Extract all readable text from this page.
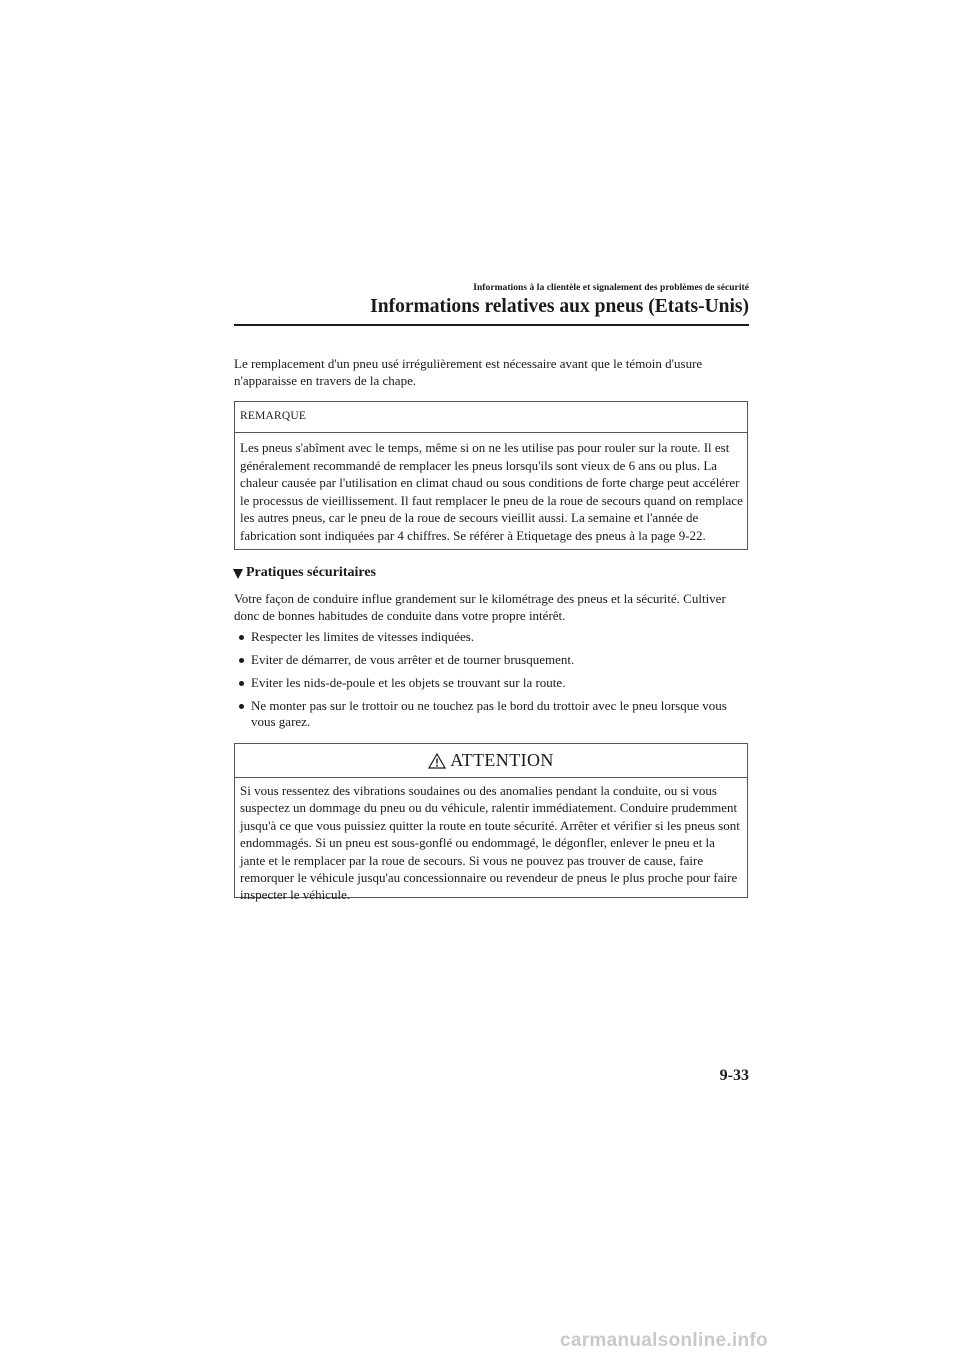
Informations à la clientèle et signalement des problèmes de sécurité
Informations relatives aux pneus (Etats-Unis)
Le remplacement d'un pneu usé irrégulièrement est nécessaire avant que le témoin d'usure n'apparaisse en travers de la chape.
REMARQUE
Les pneus s'abîment avec le temps, même si on ne les utilise pas pour rouler sur la route. Il est généralement recommandé de remplacer les pneus lorsqu'ils sont vieux de 6 ans ou plus. La chaleur causée par l'utilisation en climat chaud ou sous conditions de forte charge peut accélérer le processus de vieillissement. Il faut remplacer le pneu de la roue de secours quand on remplace les autres pneus, car le pneu de la roue de secours vieillit aussi. La semaine et l'année de fabrication sont indiquées par 4 chiffres. Se référer à Etiquetage des pneus à la page 9-22.
Pratiques sécuritaires
Votre façon de conduire influe grandement sur le kilométrage des pneus et la sécurité. Cultiver donc de bonnes habitudes de conduite dans votre propre intérêt.
Respecter les limites de vitesses indiquées.
Eviter de démarrer, de vous arrêter et de tourner brusquement.
Eviter les nids-de-poule et les objets se trouvant sur la route.
Ne monter pas sur le trottoir ou ne touchez pas le bord du trottoir avec le pneu lorsque vous vous garez.
ATTENTION
Si vous ressentez des vibrations soudaines ou des anomalies pendant la conduite, ou si vous suspectez un dommage du pneu ou du véhicule, ralentir immédiatement. Conduire prudemment jusqu'à ce que vous puissiez quitter la route en toute sécurité. Arrêter et vérifier si les pneus sont endommagés. Si un pneu est sous-gonflé ou endommagé, le dégonfler, enlever le pneu et la jante et le remplacer par la roue de secours. Si vous ne pouvez pas trouver de cause, faire remorquer le véhicule jusqu'au concessionnaire ou revendeur de pneus le plus proche pour faire inspecter le véhicule.
9-33
carmanualsonline.info
